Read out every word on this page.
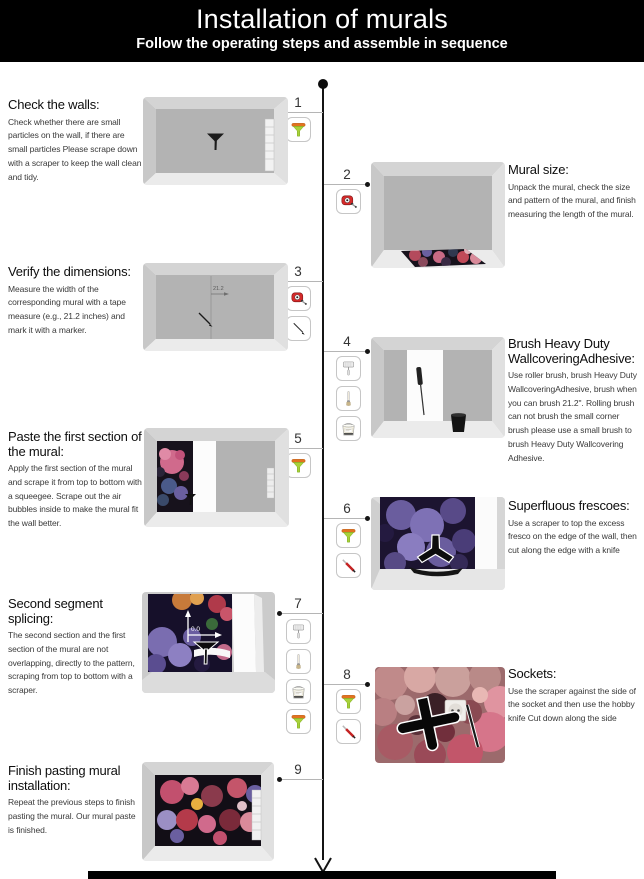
Installation of murals
Follow the operating steps and assemble in sequence
Check the walls:

Check whether there are small particles on the wall, if there are small particles Please scrape down with a scraper to keep the wall clean and tidy.

1
Mural size:

Unpack the mural, check the size and pattern of the mural, and finish measuring the length of the mural.

2
Verify the dimensions:

Measure the width of the corresponding mural with a tape measure (e.g., 21.2 inches) and mark it with a marker.

3
21.2
Brush Heavy Duty WallcoveringAdhesive:

Use roller brush, brush Heavy Duty WallcoveringAdhesive, brush when you can brush 21.2". Rolling brush can not brush the small corner brush please use a small brush to brush Heavy Duty Wallcovering Adhesive.

4
Paste the first section of the mural:

Apply the first section of the mural and scrape it from top to bottom with a squeegee. Scrape out the air bubbles inside to make the mural fit the wall better.

5
Superfluous frescoes:

Use a scraper to top the excess fresco on the edge of the wall, then cut along the edge with a knife

6
Second segment splicing:

The second section and the first section of the mural are not overlapping, directly to the pattern, scraping from top to bottom with a scraper.

7
0.0
Sockets:

Use the scraper against the side of the socket and then use the hobby knife Cut down along the side

8
Finish pasting mural installation:

Repeat the previous steps to finish pasting the mural. Our mural paste is finished.

9
